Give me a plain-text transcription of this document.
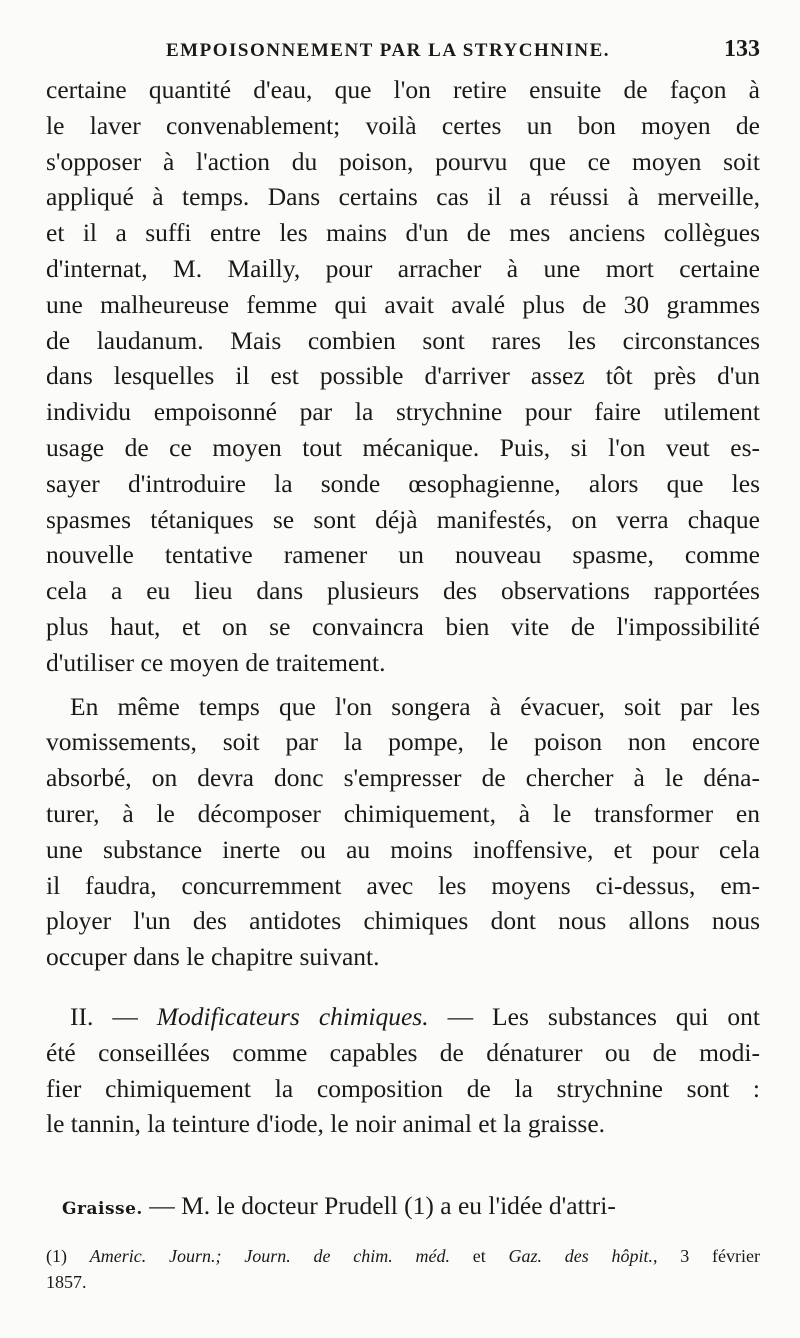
EMPOISONNEMENT PAR LA STRYCHNINE.	133
certaine quantité d'eau, que l'on retire ensuite de façon à
le laver convenablement; voilà certes un bon moyen de
s'opposer à l'action du poison, pourvu que ce moyen soit
appliqué à temps. Dans certains cas il a réussi à merveille,
et il a suffi entre les mains d'un de mes anciens collègues
d'internat, M. Mailly, pour arracher à une mort certaine
une malheureuse femme qui avait avalé plus de 30 grammes
de laudanum. Mais combien sont rares les circonstances
dans lesquelles il est possible d'arriver assez tôt près d'un
individu empoisonné par la strychnine pour faire utilement
usage de ce moyen tout mécanique. Puis, si l'on veut es-
sayer d'introduire la sonde œsophagienne, alors que les
spasmes tétaniques se sont déjà manifestés, on verra chaque
nouvelle tentative ramener un nouveau spasme, comme
cela a eu lieu dans plusieurs des observations rapportées
plus haut, et on se convaincra bien vite de l'impossibilité
d'utiliser ce moyen de traitement.
En même temps que l'on songera à évacuer, soit par les
vomissements, soit par la pompe, le poison non encore
absorbé, on devra donc s'empresser de chercher à le déna-
turer, à le décomposer chimiquement, à le transformer en
une substance inerte ou au moins inoffensive, et pour cela
il faudra, concurremment avec les moyens ci-dessus, em-
ployer l'un des antidotes chimiques dont nous allons nous
occuper dans le chapitre suivant.
II. — Modificateurs chimiques. — Les substances qui ont
été conseillées comme capables de dénaturer ou de modi-
fier chimiquement la composition de la strychnine sont :
le tannin, la teinture d'iode, le noir animal et la graisse.
Graisse. — M. le docteur Prudell (1) a eu l'idée d'attri-
(1) Americ. Journ.; Journ. de chim. méd. et Gaz. des hôpit., 3 février
1857.
